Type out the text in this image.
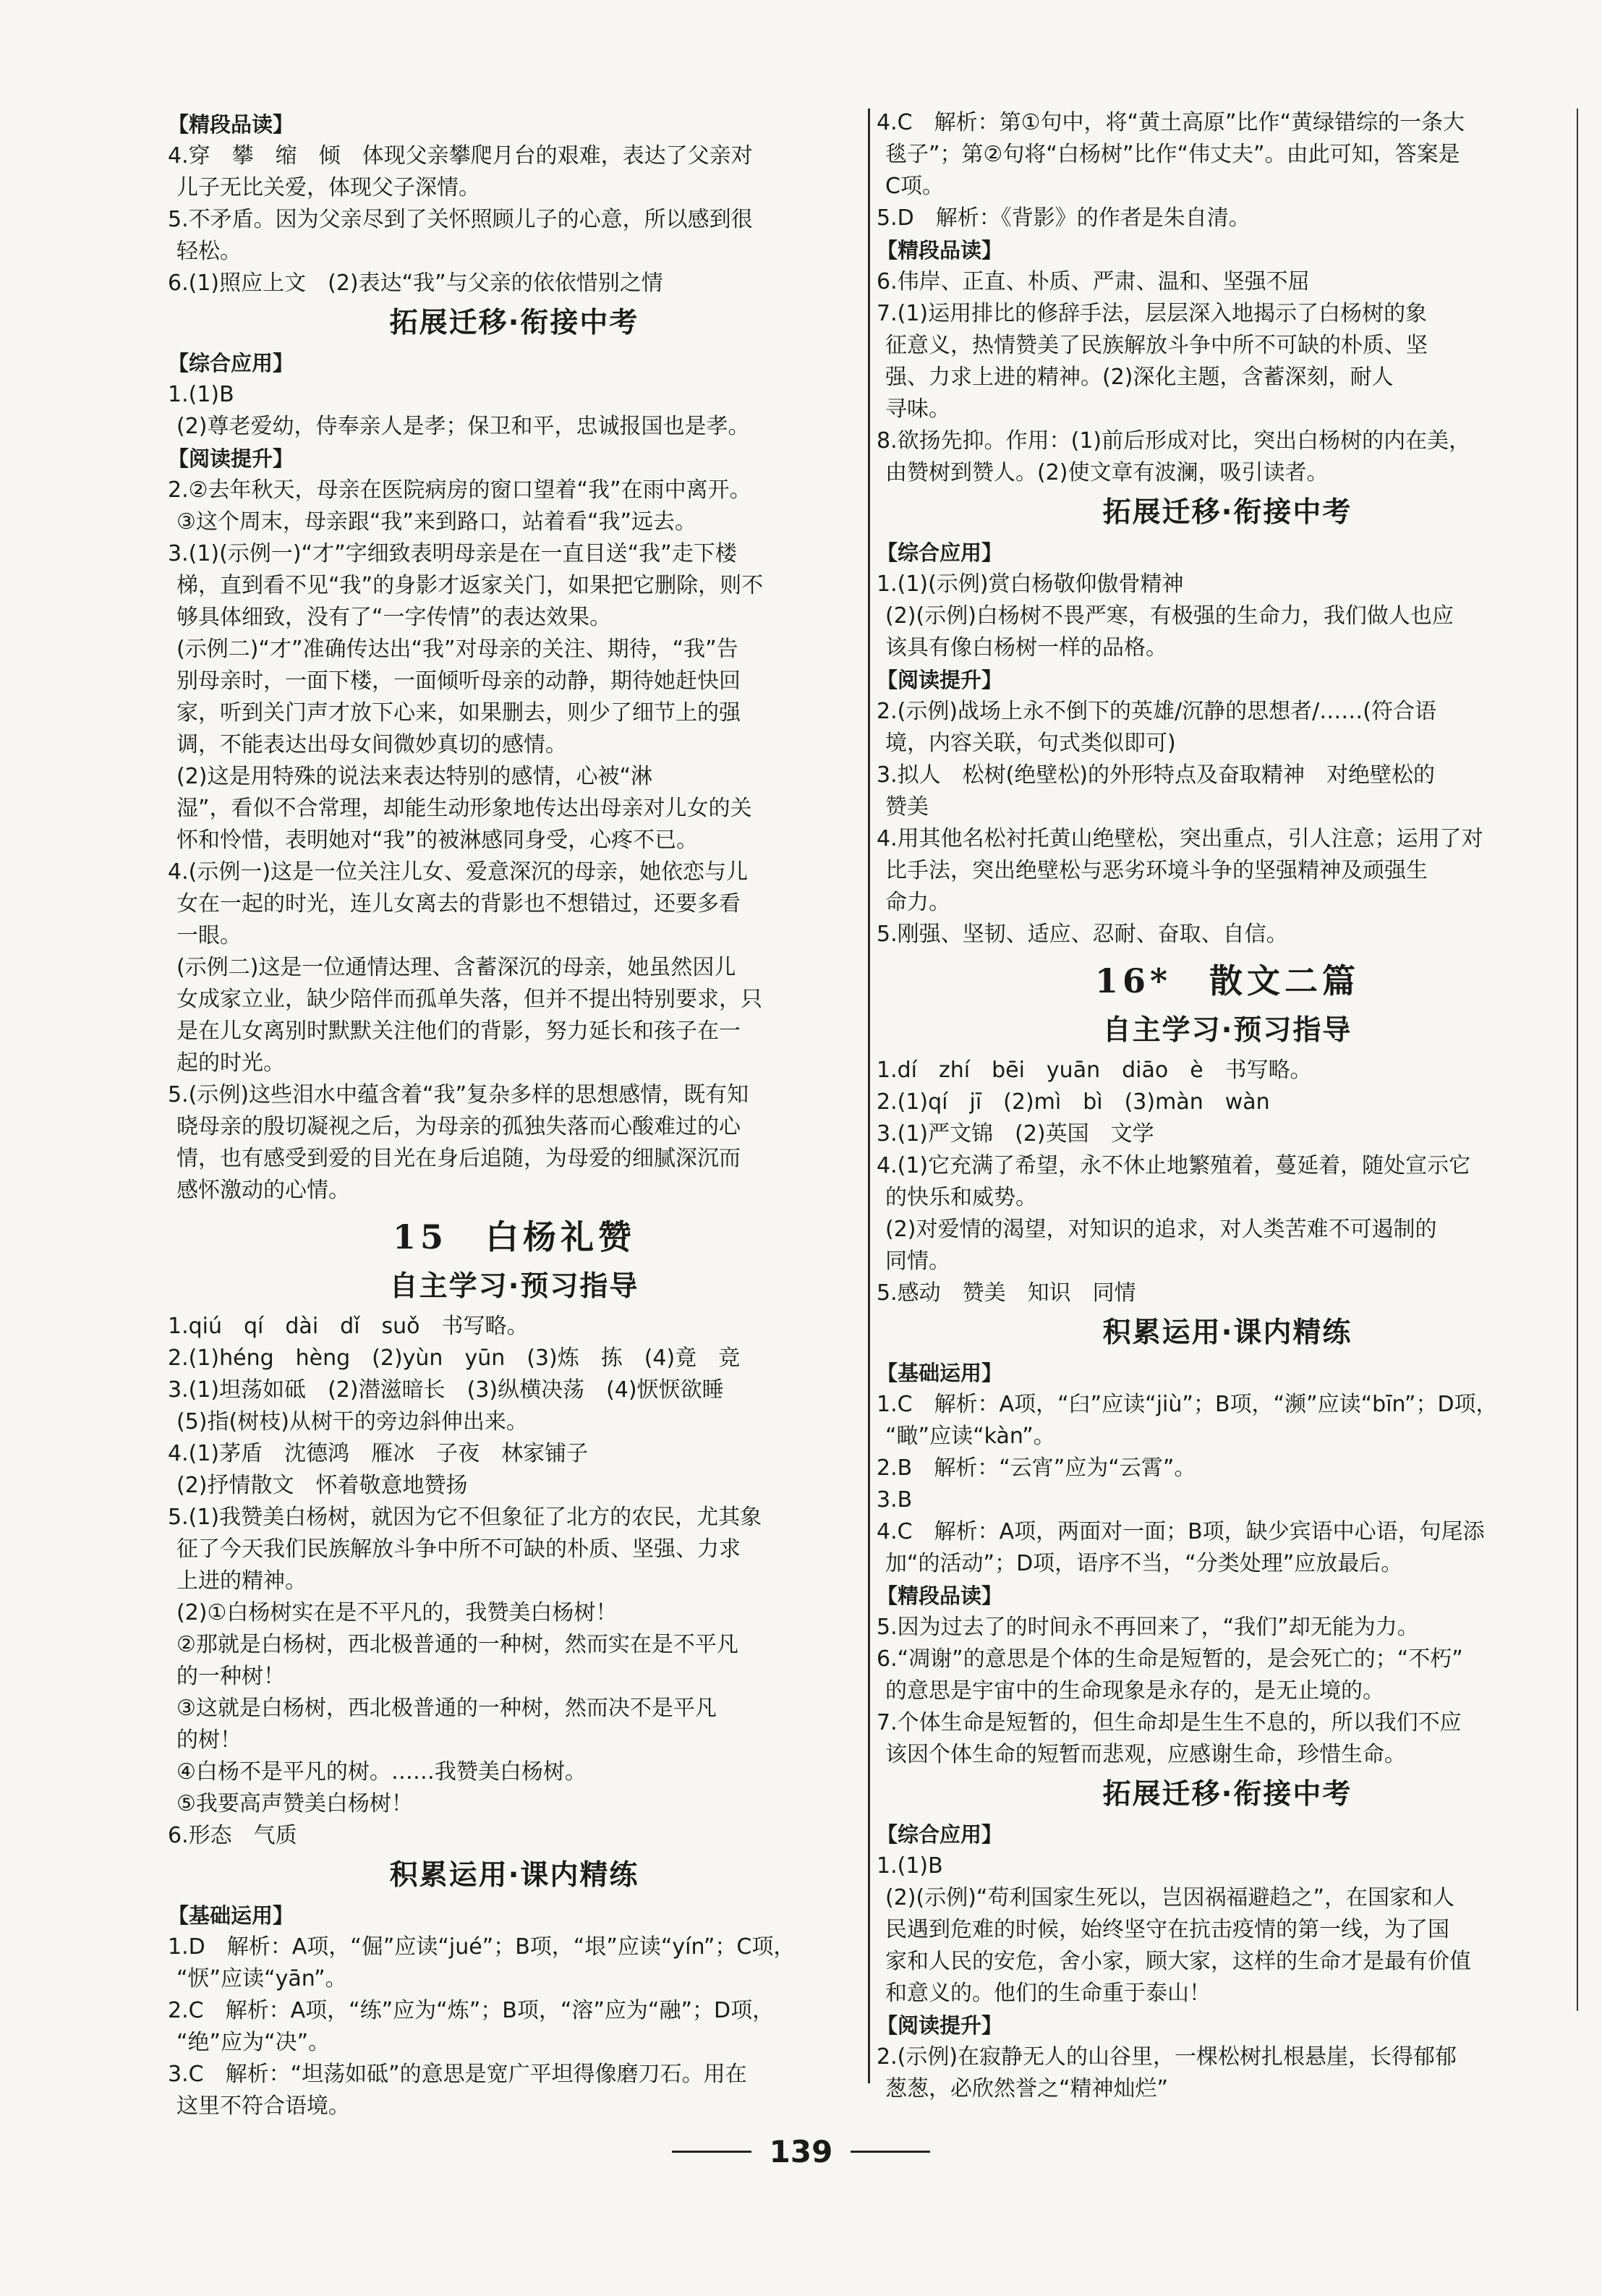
【精段品读】
4.穿　攀　缩　倾　体现父亲攀爬月台的艰难，表达了父亲对
儿子无比关爱，体现父子深情。
5.不矛盾。因为父亲尽到了关怀照顾儿子的心意，所以感到很
轻松。
6.(1)照应上文　(2)表达“我”与父亲的依依惜别之情
拓展迁移·衔接中考
【综合应用】
1.(1)B
(2)尊老爱幼，侍奉亲人是孝；保卫和平，忠诚报国也是孝。
【阅读提升】
2.②去年秋天，母亲在医院病房的窗口望着“我”在雨中离开。
③这个周末，母亲跟“我”来到路口，站着看“我”远去。
3.(1)(示例一)“才”字细致表明母亲是在一直目送“我”走下楼
梯，直到看不见“我”的身影才返家关门，如果把它删除，则不
够具体细致，没有了“一字传情”的表达效果。
(示例二)“才”准确传达出“我”对母亲的关注、期待，“我”告
别母亲时，一面下楼，一面倾听母亲的动静，期待她赶快回
家，听到关门声才放下心来，如果删去，则少了细节上的强
调，不能表达出母女间微妙真切的感情。
(2)这是用特殊的说法来表达特别的感情，心被“淋
湿”，看似不合常理，却能生动形象地传达出母亲对儿女的关
怀和怜惜，表明她对“我”的被淋感同身受，心疼不已。
4.(示例一)这是一位关注儿女、爱意深沉的母亲，她依恋与儿
女在一起的时光，连儿女离去的背影也不想错过，还要多看
一眼。
(示例二)这是一位通情达理、含蓄深沉的母亲，她虽然因儿
女成家立业，缺少陪伴而孤单失落，但并不提出特别要求，只
是在儿女离别时默默关注他们的背影，努力延长和孩子在一
起的时光。
5.(示例)这些泪水中蕴含着“我”复杂多样的思想感情，既有知
晓母亲的殷切凝视之后，为母亲的孤独失落而心酸难过的心
情，也有感受到爱的目光在身后追随，为母爱的细腻深沉而
感怀激动的心情。
15　白杨礼赞
自主学习·预习指导
1.qiú　qí　dài　dǐ　suǒ　书写略。
2.(1)héng　hèng　(2)yùn　yūn　(3)炼　拣　(4)竟　竞
3.(1)坦荡如砥　(2)潜滋暗长　(3)纵横决荡　(4)恹恹欲睡
(5)指(树枝)从树干的旁边斜伸出来。
4.(1)茅盾　沈德鸿　雁冰　子夜　林家铺子
(2)抒情散文　怀着敬意地赞扬
5.(1)我赞美白杨树，就因为它不但象征了北方的农民，尤其象
征了今天我们民族解放斗争中所不可缺的朴质、坚强、力求
上进的精神。
(2)①白杨树实在是不平凡的，我赞美白杨树！
②那就是白杨树，西北极普通的一种树，然而实在是不平凡
的一种树！
③这就是白杨树，西北极普通的一种树，然而决不是平凡
的树！
④白杨不是平凡的树。……我赞美白杨树。
⑤我要高声赞美白杨树！
6.形态　气质
积累运用·课内精练
【基础运用】
1.D　解析：A项，“倔”应读“jué”；B项，“垠”应读“yín”；C项，
“恹”应读“yān”。
2.C　解析：A项，“练”应为“炼”；B项，“溶”应为“融”；D项，
“绝”应为“决”。
3.C　解析：“坦荡如砥”的意思是宽广平坦得像磨刀石。用在
这里不符合语境。
4.C　解析：第①句中，将“黄土高原”比作“黄绿错综的一条大
毯子”；第②句将“白杨树”比作“伟丈夫”。由此可知，答案是
C项。
5.D　解析：《背影》的作者是朱自清。
【精段品读】
6.伟岸、正直、朴质、严肃、温和、坚强不屈
7.(1)运用排比的修辞手法，层层深入地揭示了白杨树的象
征意义，热情赞美了民族解放斗争中所不可缺的朴质、坚
强、力求上进的精神。(2)深化主题，含蓄深刻，耐人
寻味。
8.欲扬先抑。作用：(1)前后形成对比，突出白杨树的内在美，
由赞树到赞人。(2)使文章有波澜，吸引读者。
拓展迁移·衔接中考
【综合应用】
1.(1)(示例)赏白杨敬仰傲骨精神
(2)(示例)白杨树不畏严寒，有极强的生命力，我们做人也应
该具有像白杨树一样的品格。
【阅读提升】
2.(示例)战场上永不倒下的英雄/沉静的思想者/……(符合语
境，内容关联，句式类似即可)
3.拟人　松树(绝壁松)的外形特点及奋取精神　对绝壁松的
赞美
4.用其他名松衬托黄山绝壁松，突出重点，引人注意；运用了对
比手法，突出绝壁松与恶劣环境斗争的坚强精神及顽强生
命力。
5.刚强、坚韧、适应、忍耐、奋取、自信。
16*　散文二篇
自主学习·预习指导
1.dí　zhí　bēi　yuān　diāo　è　书写略。
2.(1)qí　jī　(2)mì　bì　(3)màn　wàn
3.(1)严文锦　(2)英国　文学
4.(1)它充满了希望，永不休止地繁殖着，蔓延着，随处宣示它
的快乐和威势。
(2)对爱情的渴望，对知识的追求，对人类苦难不可遏制的
同情。
5.感动　赞美　知识　同情
积累运用·课内精练
【基础运用】
1.C　解析：A项，“臼”应读“jiù”；B项，“濒”应读“bīn”；D项，
“瞰”应读“kàn”。
2.B　解析：“云宵”应为“云霄”。
3.B
4.C　解析：A项，两面对一面；B项，缺少宾语中心语，句尾添
加“的活动”；D项，语序不当，“分类处理”应放最后。
【精段品读】
5.因为过去了的时间永不再回来了，“我们”却无能为力。
6.“凋谢”的意思是个体的生命是短暂的，是会死亡的；“不朽”
的意思是宇宙中的生命现象是永存的，是无止境的。
7.个体生命是短暂的，但生命却是生生不息的，所以我们不应
该因个体生命的短暂而悲观，应感谢生命，珍惜生命。
拓展迁移·衔接中考
【综合应用】
1.(1)B
(2)(示例)“苟利国家生死以，岂因祸福避趋之”，在国家和人
民遇到危难的时候，始终坚守在抗击疫情的第一线，为了国
家和人民的安危，舍小家，顾大家，这样的生命才是最有价值
和意义的。他们的生命重于泰山！
【阅读提升】
2.(示例)在寂静无人的山谷里，一棵松树扎根悬崖，长得郁郁
葱葱，必欣然誉之“精神灿烂”
139
